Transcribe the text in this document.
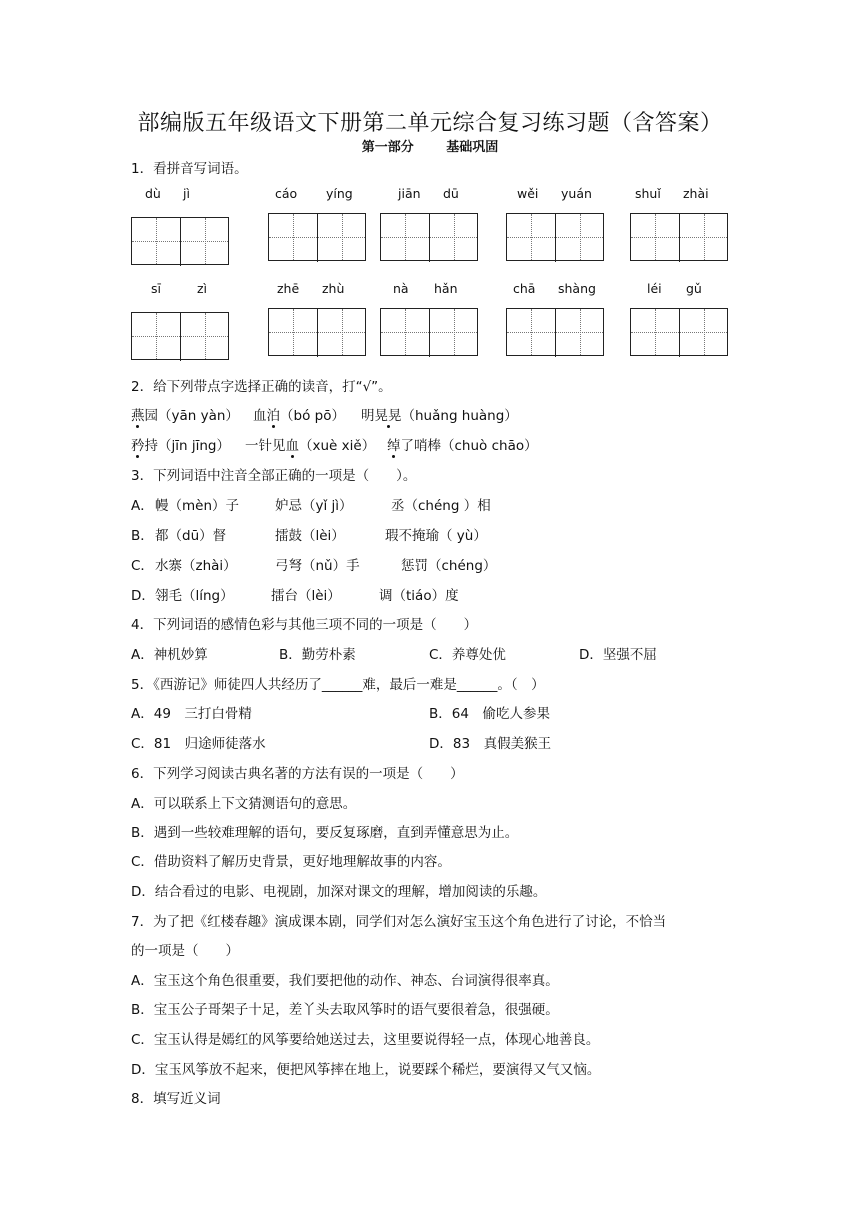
部编版五年级语文下册第二单元综合复习练习题（含答案）
第一部分	基础巩固
1．看拼音写词语。
dù jì	cáo yíng	jiān dū	wěi yuán	shuǐ zhài
sī	zì	zhē zhù	nà hǎn	chā shàng	léi gǔ
2．给下列带点字选择正确的读音，打“√”。
燕园（yān yàn） 血泊（bó pō） 明晃晃（huǎng huàng）
矜持（jīn jīng） 一针见血（xuè xiě） 绰了哨棒（chuò chāo）
3．下列词语中注音全部正确的一项是（　　）。
A． 幔（mèn）子	妒忌（yǐ jì）	丞（chéng ）相
B． 都（dū）督	擂鼓（lèi）	瑕不掩瑜（ yù）
C． 水寨（zhài）	弓弩（nǔ）手	惩罚（chéng）
D． 翎毛（líng）	擂台（lèi）	调（tiáo）度
4．下列词语的感情色彩与其他三项不同的一项是（　　）
A．神机妙算	B．勤劳朴素	C．养尊处优	D．坚强不屈
5．《西游记》师徒四人共经历了______难，最后一难是______。（　）
A．49　三打白骨精	B．64　偷吃人参果
C．81　归途师徒落水	D．83　真假美猴王
6．下列学习阅读古典名著的方法有误的一项是（　　）
A．可以联系上下文猜测语句的意思。
B．遇到一些较难理解的语句，要反复琢磨，直到弄懂意思为止。
C．借助资料了解历史背景，更好地理解故事的内容。
D．结合看过的电影、电视剧，加深对课文的理解，增加阅读的乐趣。
7．为了把《红楼春趣》演成课本剧，同学们对怎么演好宝玉这个角色进行了讨论，不恰当
的一项是（　　）
A．宝玉这个角色很重要，我们要把他的动作、神态、台词演得很率真。
B．宝玉公子哥架子十足，差丫头去取风筝时的语气要很着急，很强硬。
C．宝玉认得是嫣红的风筝要给她送过去，这里要说得轻一点，体现心地善良。
D．宝玉风筝放不起来，便把风筝摔在地上，说要踩个稀烂，要演得又气又恼。
8．填写近义词
